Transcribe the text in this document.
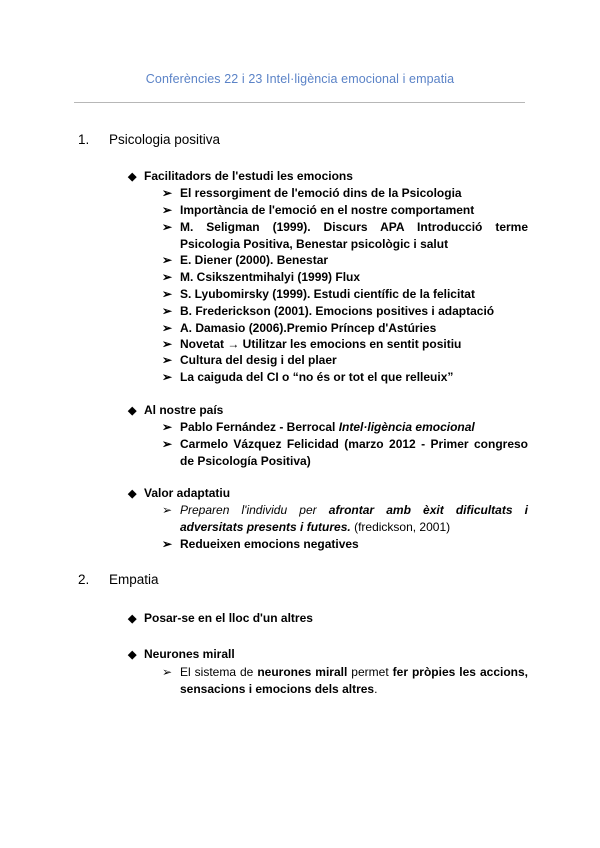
Conferències 22 i 23 Intel·ligència emocional i empatia
1. Psicologia positiva
◆ Facilitadors de l'estudi les emocions
➢ El ressorgiment de l'emoció dins de la Psicologia
➢ Importància de l'emoció en el nostre comportament
➢ M. Seligman (1999). Discurs APA Introducció terme Psicologia Positiva, Benestar psicològic i salut
➢ E. Diener (2000). Benestar
➢ M. Csikszentmihalyi (1999) Flux
➢ S. Lyubomirsky (1999). Estudi científic de la felicitat
➢ B. Frederickson (2001). Emocions positives i adaptació
➢ A. Damasio (2006).Premio Príncep d'Astúries
➢ Novetat → Utilitzar les emocions en sentit positiu
➢ Cultura del desig i del plaer
➢ La caiguda del CI o “no és or tot el que relleuix”
◆ Al nostre país
➢ Pablo Fernández - Berrocal Intel·ligència emocional
➢ Carmelo Vázquez Felicidad (marzo 2012 - Primer congreso de Psicología Positiva)
◆ Valor adaptatiu
➢ Preparen l'individu per afrontar amb èxit dificultats i adversitats presents i futures. (fredickson, 2001)
➢ Redueixen emocions negatives
2. Empatia
◆ Posar-se en el lloc d'un altres
◆ Neurones mirall
➢ El sistema de neurones mirall permet fer pròpies les accions, sensacions i emocions dels altres.
